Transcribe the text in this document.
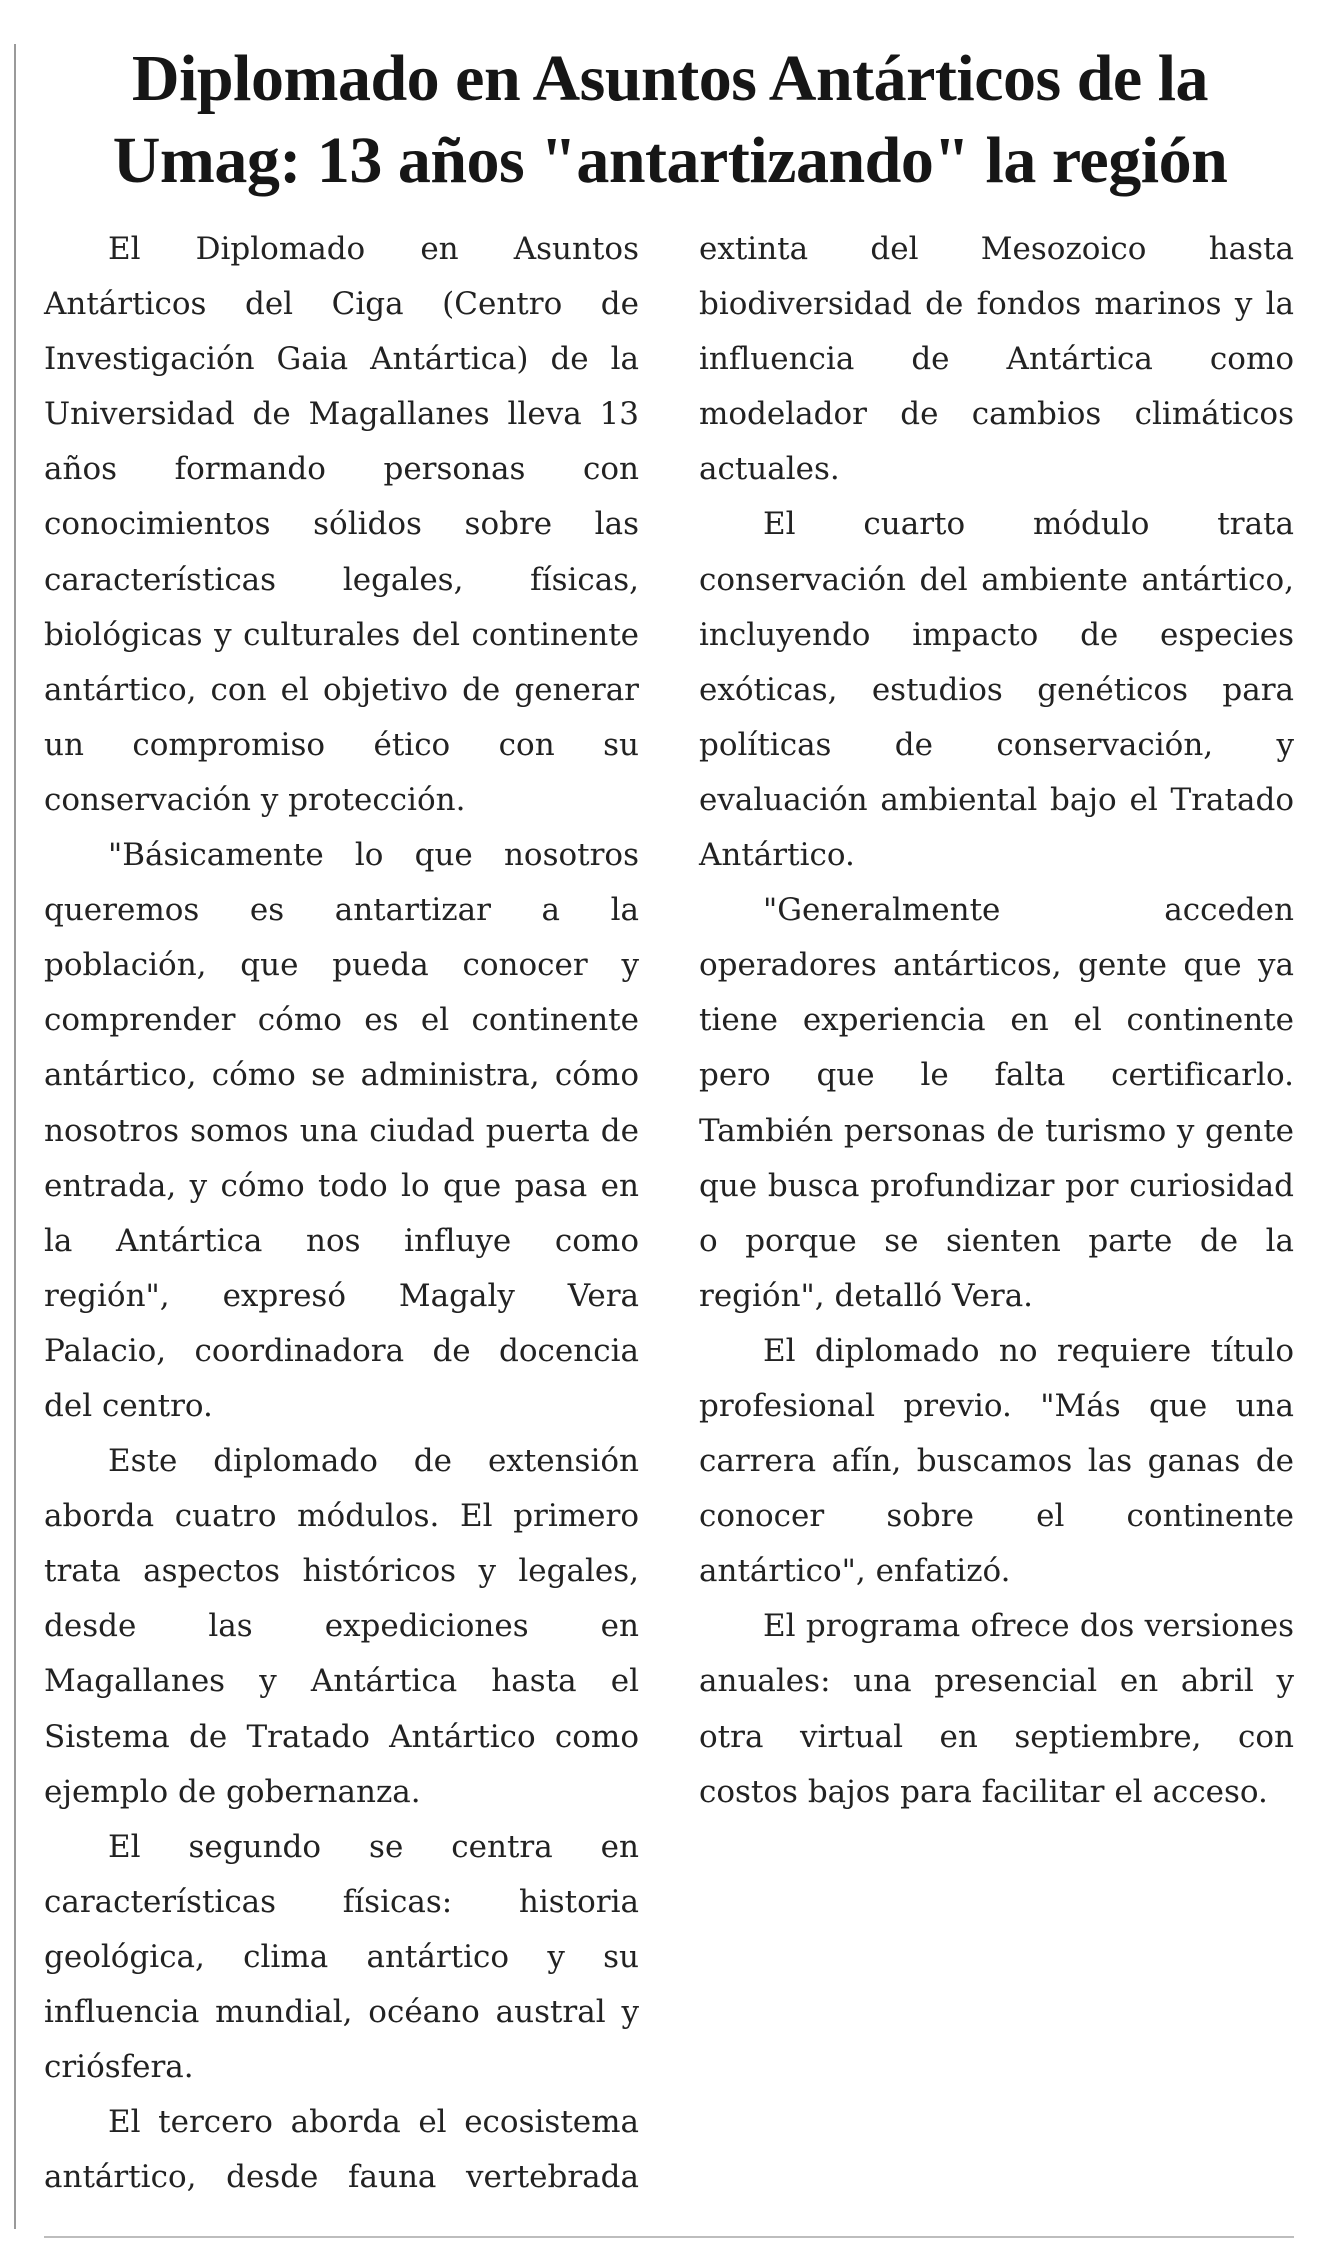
Diplomado en Asuntos Antárticos de la Umag: 13 años "antartizando" la región

El Diplomado en Asuntos Antárticos del Ciga (Centro de Investigación Gaia Antártica) de la Universidad de Magallanes lleva 13 años formando personas con conocimientos sólidos sobre las características legales, físicas, biológicas y culturales del continente antártico, con el objetivo de generar un compromiso ético con su conservación y protección.

"Básicamente lo que nosotros queremos es antartizar a la población, que pueda conocer y comprender cómo es el continente antártico, cómo se administra, cómo nosotros somos una ciudad puerta de entrada, y cómo todo lo que pasa en la Antártica nos influye como región", expresó Magaly Vera Palacio, coordinadora de docencia del centro.

Este diplomado de extensión aborda cuatro módulos. El primero trata aspectos históricos y legales, desde las expediciones en Magallanes y Antártica hasta el Sistema de Tratado Antártico como ejemplo de gobernanza.

El segundo se centra en características físicas: historia geológica, clima antártico y su influencia mundial, océano austral y criósfera.

El tercero aborda el ecosistema antártico, desde fauna vertebrada extinta del Mesozoico hasta biodiversidad de fondos marinos y la influencia de Antártica como modelador de cambios climáticos actuales.

El cuarto módulo trata conservación del ambiente antártico, incluyendo impacto de especies exóticas, estudios genéticos para políticas de conservación, y evaluación ambiental bajo el Tratado Antártico.

"Generalmente acceden operadores antárticos, gente que ya tiene experiencia en el continente pero que le falta certificarlo. También personas de turismo y gente que busca profundizar por curiosidad o porque se sienten parte de la región", detalló Vera.

El diplomado no requiere título profesional previo. "Más que una carrera afín, buscamos las ganas de conocer sobre el continente antártico", enfatizó.

El programa ofrece dos versiones anuales: una presencial en abril y otra virtual en septiembre, con costos bajos para facilitar el acceso.
